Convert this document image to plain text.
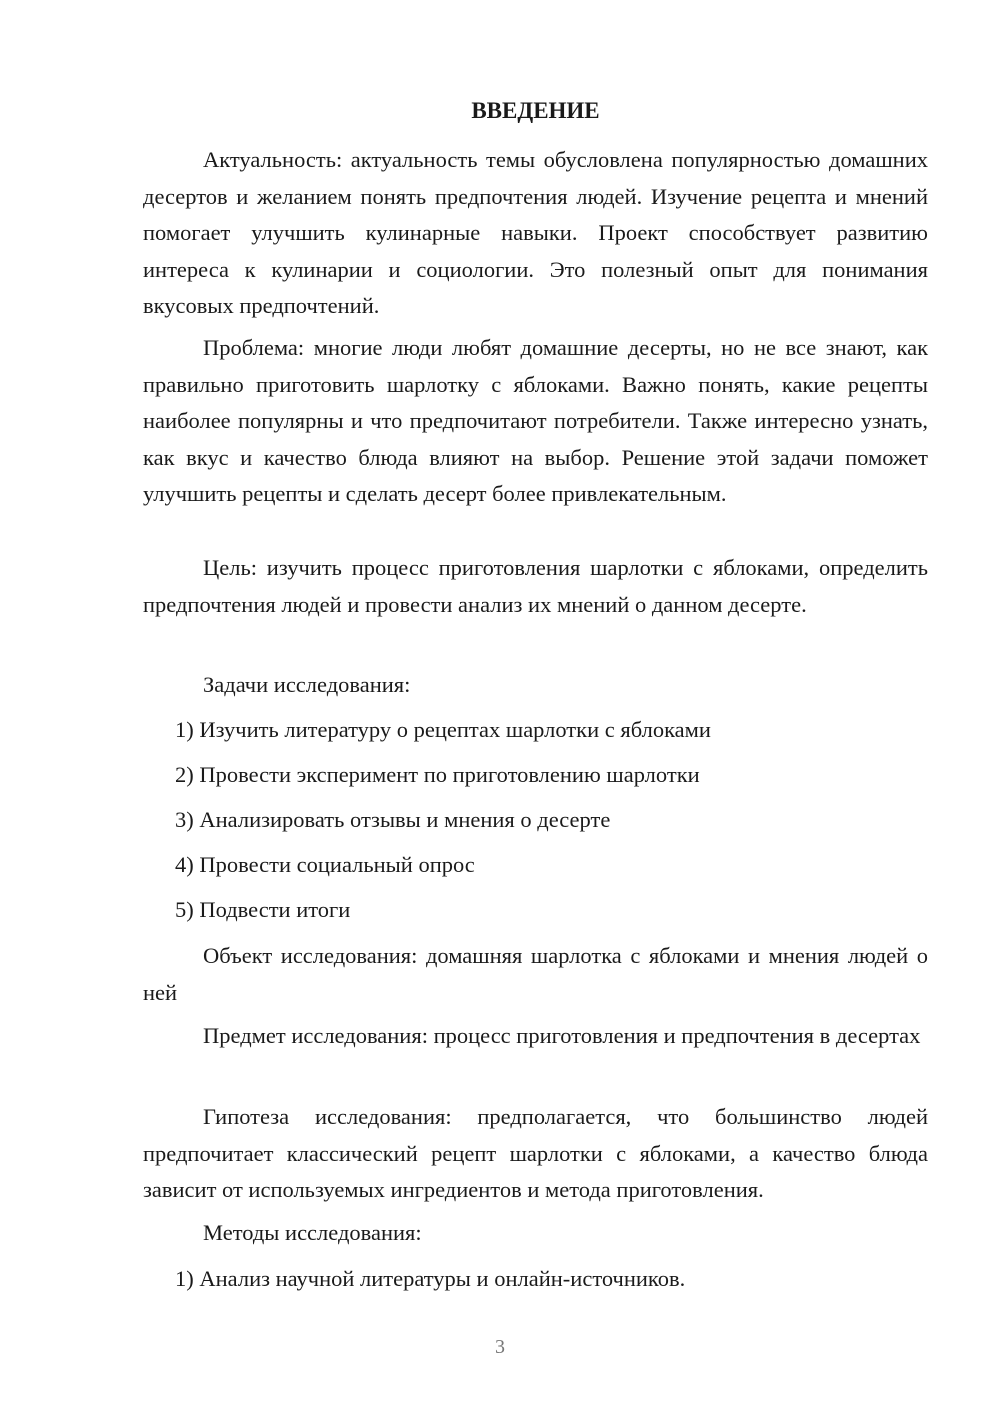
ВВЕДЕНИЕ

Актуальность: актуальность темы обусловлена популярностью домашних десертов и желанием понять предпочтения людей. Изучение рецепта и мнений помогает улучшить кулинарные навыки. Проект способствует развитию интереса к кулинарии и социологии. Это полезный опыт для понимания вкусовых предпочтений.

Проблема: многие люди любят домашние десерты, но не все знают, как правильно приготовить шарлотку с яблоками. Важно понять, какие рецепты наиболее популярны и что предпочитают потребители. Также интересно узнать, как вкус и качество блюда влияют на выбор. Решение этой задачи поможет улучшить рецепты и сделать десерт более привлекательным.

Цель: изучить процесс приготовления шарлотки с яблоками, определить предпочтения людей и провести анализ их мнений о данном десерте.

Задачи исследования:

1) Изучить литературу о рецептах шарлотки с яблоками

2) Провести эксперимент по приготовлению шарлотки

3) Анализировать отзывы и мнения о десерте

4) Провести социальный опрос

5) Подвести итоги

Объект исследования: домашняя шарлотка с яблоками и мнения людей о ней

Предмет исследования: процесс приготовления и предпочтения в десертах

Гипотеза исследования: предполагается, что большинство людей предпочитает классический рецепт шарлотки с яблоками, а качество блюда зависит от используемых ингредиентов и метода приготовления.

Методы исследования:

1) Анализ научной литературы и онлайн-источников.

3
